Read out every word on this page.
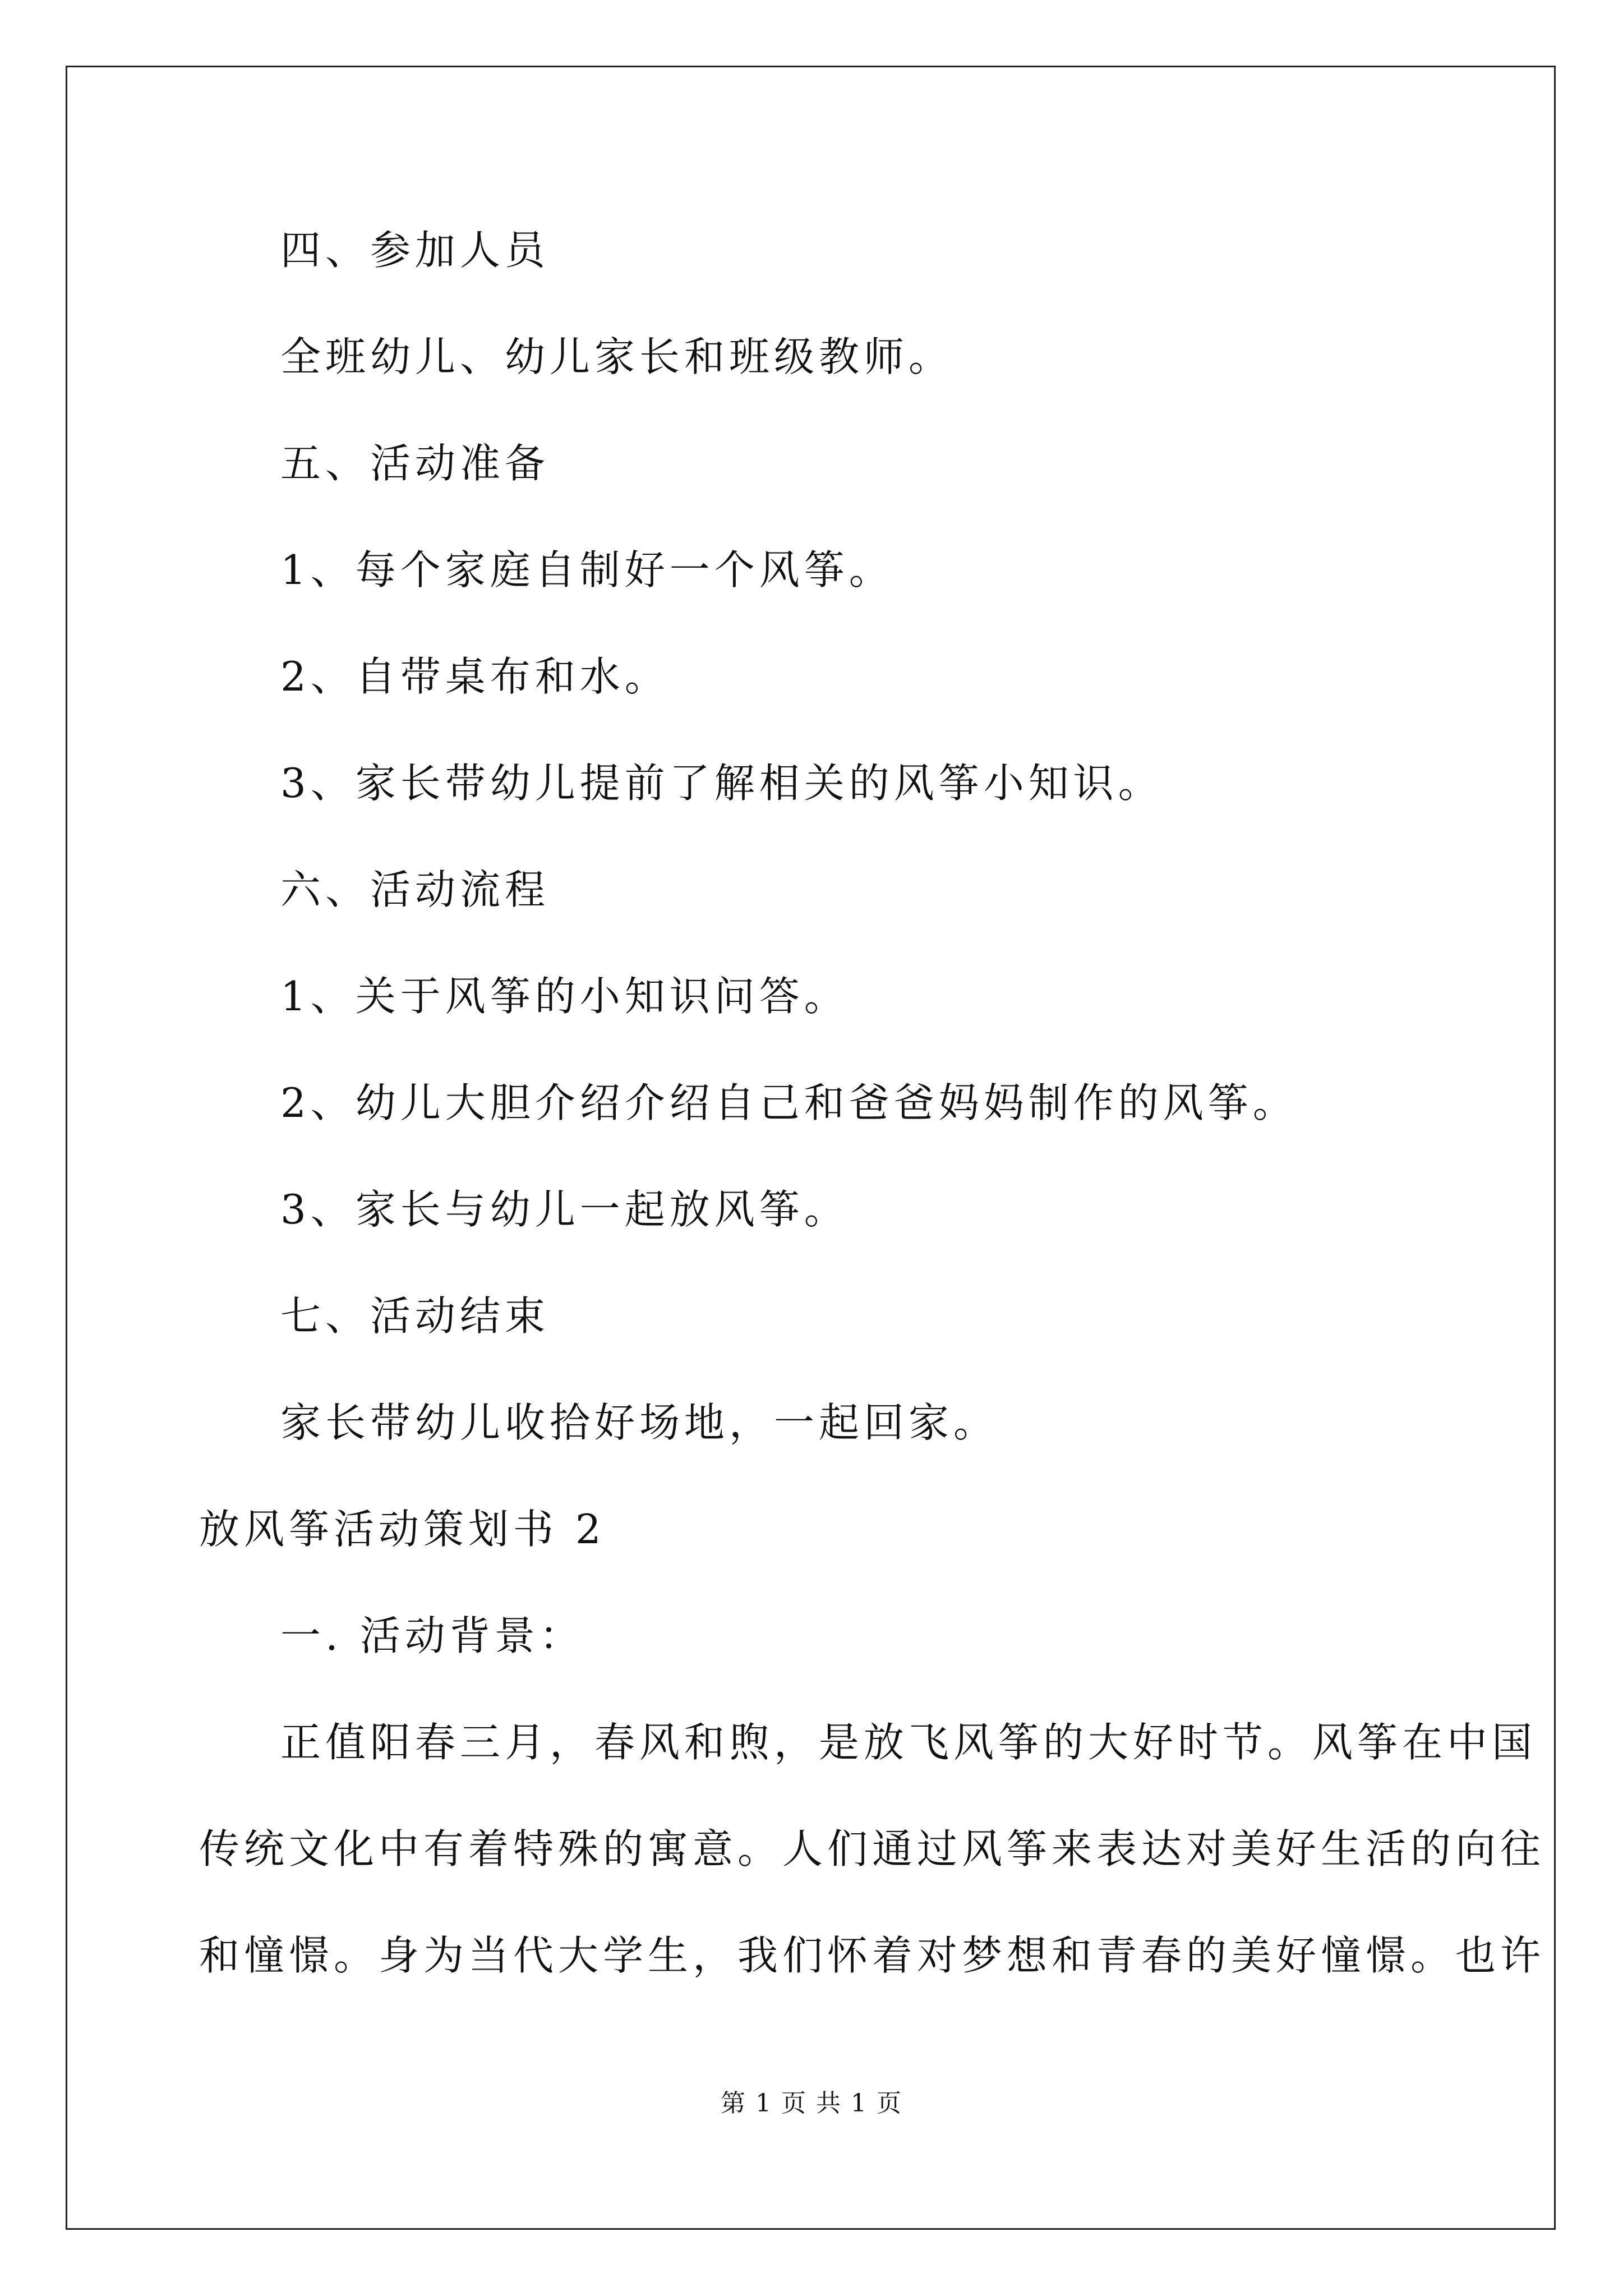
四、参加人员
全班幼儿、幼儿家长和班级教师。
五、活动准备
1、每个家庭自制好一个风筝。
2、自带桌布和水。
3、家长带幼儿提前了解相关的风筝小知识。
六、活动流程
1、关于风筝的小知识问答。
2、幼儿大胆介绍介绍自己和爸爸妈妈制作的风筝。
3、家长与幼儿一起放风筝。
七、活动结束
家长带幼儿收拾好场地，一起回家。
放风筝活动策划书 2
一. 活动背景：
正值阳春三月，春风和煦，是放飞风筝的大好时节。风筝在中国
传统文化中有着特殊的寓意。人们通过风筝来表达对美好生活的向往
和憧憬。身为当代大学生，我们怀着对梦想和青春的美好憧憬。也许
第 1 页 共 1 页
